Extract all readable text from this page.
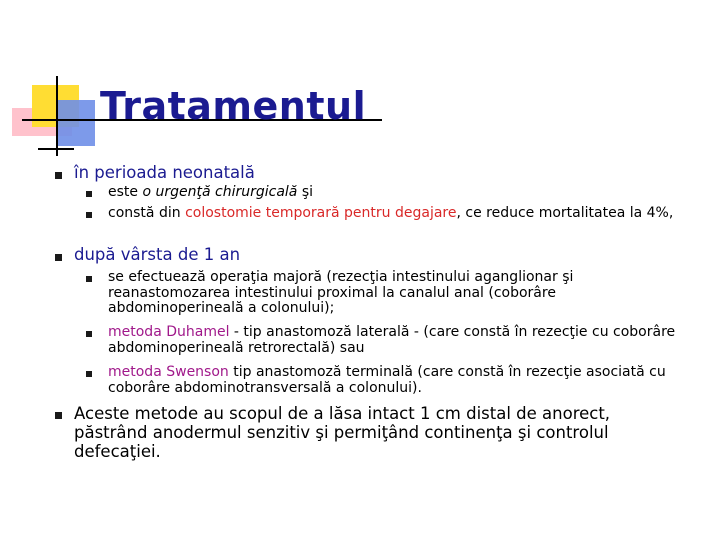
Tratamentul
în perioada neonatală
este o urgenţă chirurgicală şi
constă din colostomie temporară pentru degajare, ce reduce mortalitatea la 4%,
după vârsta de 1 an
se efectuează operaţia majoră (rezecţia intestinului aganglionar şi reanastomozarea intestinului proximal la canalul anal (coborâre abdominoperineală a colonului);
metoda Duhamel - tip anastomoză laterală - (care constă în rezecţie cu coborâre abdominoperineală retrorectală) sau
metoda Swenson tip anastomoză terminală (care constă în rezecţie asociată cu coborâre abdominotransversală a colonului).
Aceste metode au scopul de a lăsa intact 1 cm distal de anorect, păstrând anodermul senzitiv şi permiţând continenţa şi controlul defecaţiei.
